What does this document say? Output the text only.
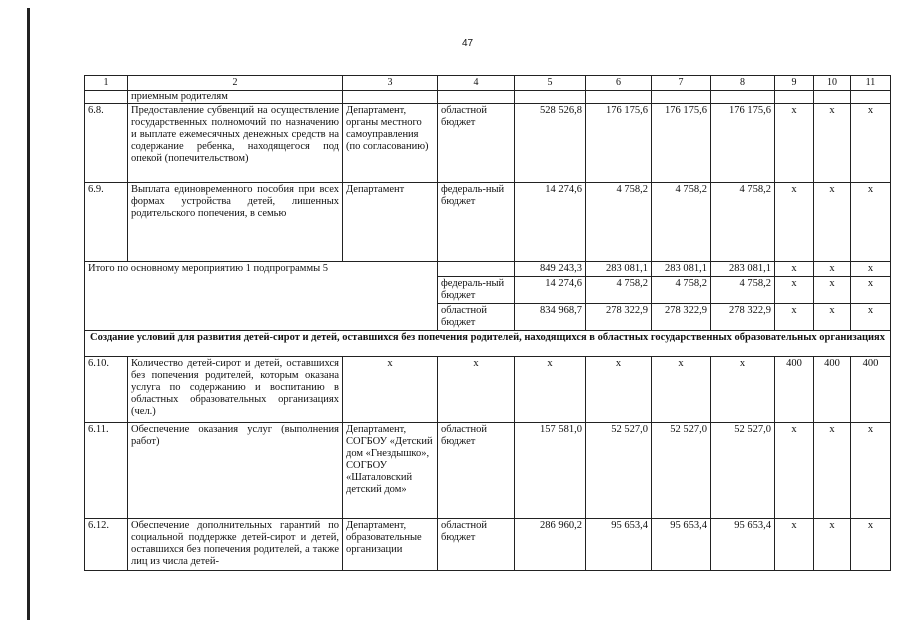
47
1	2	3	4	5	6	7	8	9	10	11
	приемным родителям									
6.8.	Предоставление субвенций на осуществление государственных полномочий по назначению и выплате ежемесячных денежных средств на содержание ребенка, находящегося под опекой (попечительством)	Департамент, органы местного самоуправления (по согласованию)	областной бюджет	528 526,8	176 175,6	176 175,6	176 175,6	х	х	х
6.9.	Выплата единовременного пособия при всех формах устройства детей, лишенных родительского попечения, в семью	Департамент	федераль-ный бюджет	14 274,6	4 758,2	4 758,2	4 758,2	х	х	х
Итого по основному мероприятию 1 подпрограммы 5				849 243,3	283 081,1	283 081,1	283 081,1	х	х	х
			федераль-ный бюджет	14 274,6	4 758,2	4 758,2	4 758,2	х	х	х
			областной бюджет	834 968,7	278 322,9	278 322,9	278 322,9	х	х	х
Создание условий для развития детей-сирот и детей, оставшихся без попечения родителей, находящихся в областных государственных образовательных организациях										
6.10.	Количество детей-сирот и детей, оставшихся без попечения родителей, которым оказана услуга по содержанию и воспитанию в областных образовательных организациях (чел.)	х	х	х	х	х	х	400	400	400
6.11.	Обеспечение оказания услуг (выполнения работ)	Департамент, СОГБОУ «Детский дом «Гнездышко», СОГБОУ «Шаталовский детский дом»	областной бюджет	157 581,0	52 527,0	52 527,0	52 527,0	х	х	х
6.12.	Обеспечение дополнительных гарантий по социальной поддержке детей-сирот и детей, оставшихся без попечения родителей, а также лиц из числа детей-	Департамент, образовательные организации	областной бюджет	286 960,2	95 653,4	95 653,4	95 653,4	х	х	х
